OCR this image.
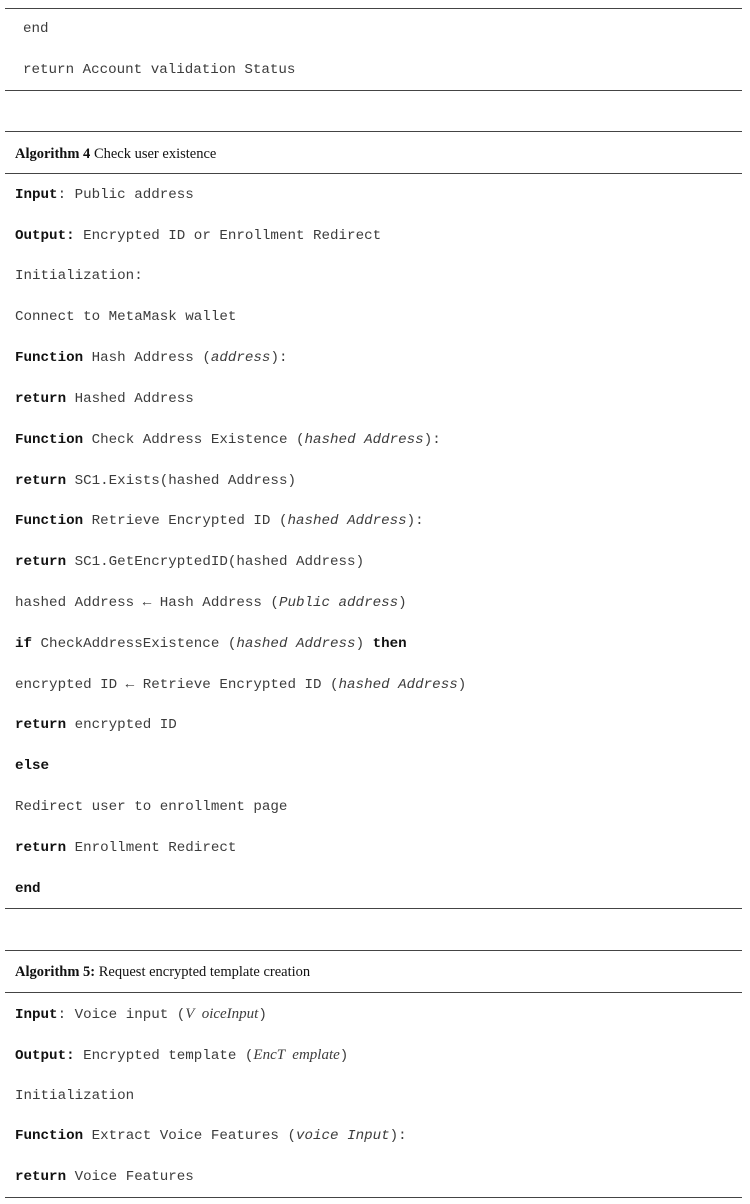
end
return Account validation Status
Algorithm 4 Check user existence
Input: Public address
Output: Encrypted ID or Enrollment Redirect
Initialization:
Connect to MetaMask wallet
Function Hash Address (address):
return Hashed Address
Function Check Address Existence (hashed Address):
return SC1.Exists(hashed Address)
Function Retrieve Encrypted ID (hashed Address):
return SC1.GetEncryptedID(hashed Address)
hashed Address ← Hash Address (Public address)
if CheckAddressExistence (hashed Address) then
encrypted ID ← Retrieve Encrypted ID (hashed Address)
return encrypted ID
else
Redirect user to enrollment page
return Enrollment Redirect
end
Algorithm 5: Request encrypted template creation
Input: Voice input (V  oiceInput)
Output: Encrypted template (EncT  emplate)
Initialization
Function Extract Voice Features (voice Input):
return Voice Features
